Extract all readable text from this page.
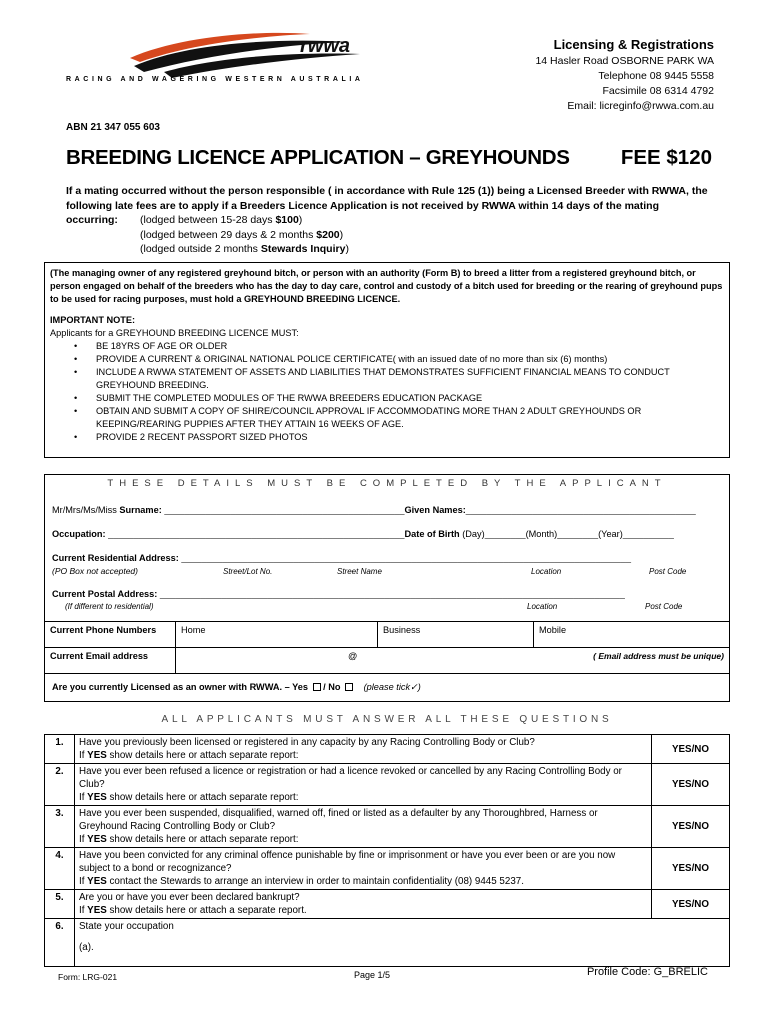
rwwa
RACING AND WAGERING WESTERN AUSTRALIA
Licensing & Registrations
14 Hasler Road OSBORNE PARK WA
Telephone 08 9445 5558
Facsimile 08 6314 4792
Email: licreginfo@rwwa.com.au
ABN 21 347 055 603
BREEDING LICENCE APPLICATION – GREYHOUNDS FEE $120
If a mating occurred without the person responsible ( in accordance with Rule 125 (1)) being a Licensed Breeder with RWWA, the following late fees are to apply if a Breeders Licence Application is not received by RWWA within 14 days of the mating
occurring:	(lodged between 15-28 days $100)
(lodged between 29 days & 2 months $200)
(lodged outside 2 months Stewards Inquiry)
(The managing owner of any registered greyhound bitch, or person with an authority (Form B) to breed a litter from a registered greyhound bitch, or person engaged on behalf of the breeders who has the day to day care, control and custody of a bitch used for breeding or the rearing of greyhound pups to be used for racing purposes, must hold a GREYHOUND BREEDING LICENCE.
IMPORTANT NOTE:
Applicants for a GREYHOUND BREEDING LICENCE MUST:
• BE 18YRS OF AGE OR OLDER
• PROVIDE A CURRENT & ORIGINAL NATIONAL POLICE CERTIFICATE( with an issued date of no more than six (6) months)
• INCLUDE A RWWA STATEMENT OF ASSETS AND LIABILITIES THAT DEMONSTRATES SUFFICIENT FINANCIAL MEANS TO CONDUCT GREYHOUND BREEDING.
• SUBMIT THE COMPLETED MODULES OF THE RWWA BREEDERS EDUCATION PACKAGE
• OBTAIN AND SUBMIT A COPY OF SHIRE/COUNCIL APPROVAL IF ACCOMMODATING MORE THAN 2 ADULT GREYHOUNDS OR KEEPING/REARING PUPPIES AFTER THEY ATTAIN 16 WEEKS OF AGE.
• PROVIDE 2 RECENT PASSPORT SIZED PHOTOS
THESE DETAILS MUST BE COMPLETED BY THE APPLICANT
Mr/Mrs/Ms/Miss Surname: _______________________________________________Given Names:_____________________________________________
Occupation: __________________________________________________________Date of Birth (Day)________(Month)________(Year)__________
Current Residential Address: ________________________________________________________________________________________
(PO Box not accepted)	Street/Lot No.	Street Name	Location	Post Code
Current Postal Address: ___________________________________________________________________________________________
(If different to residential)	Location	Post Code
Current Phone Numbers	Home	Business	Mobile
Current Email address	@	( Email address must be unique)
Are you currently Licensed as an owner with RWWA. – Yes / No	(please tick✓)
ALL APPLICANTS MUST ANSWER ALL THESE QUESTIONS
1.	Have you previously been licensed or registered in any capacity by any Racing Controlling Body or Club?
If YES show details here or attach separate report:	YES/NO
2.	Have you ever been refused a licence or registration or had a licence revoked or cancelled by any Racing Controlling Body or Club?
If YES show details here or attach separate report:	YES/NO
3.	Have you ever been suspended, disqualified, warned off, fined or listed as a defaulter by any Thoroughbred, Harness or Greyhound Racing Controlling Body or Club?
If YES show details here or attach separate report:	YES/NO
4.	Have you been convicted for any criminal offence punishable by fine or imprisonment or have you ever been or are you now subject to a bond or recognizance?
If YES contact the Stewards to arrange an interview in order to maintain confidentiality (08) 9445 5237.	YES/NO
5.	Are you or have you ever been declared bankrupt?
If YES show details here or attach a separate report.	YES/NO
6.	State your occupation
(a).	
Form: LRG-021	Page 1/5	Profile Code: G_BRELIC
